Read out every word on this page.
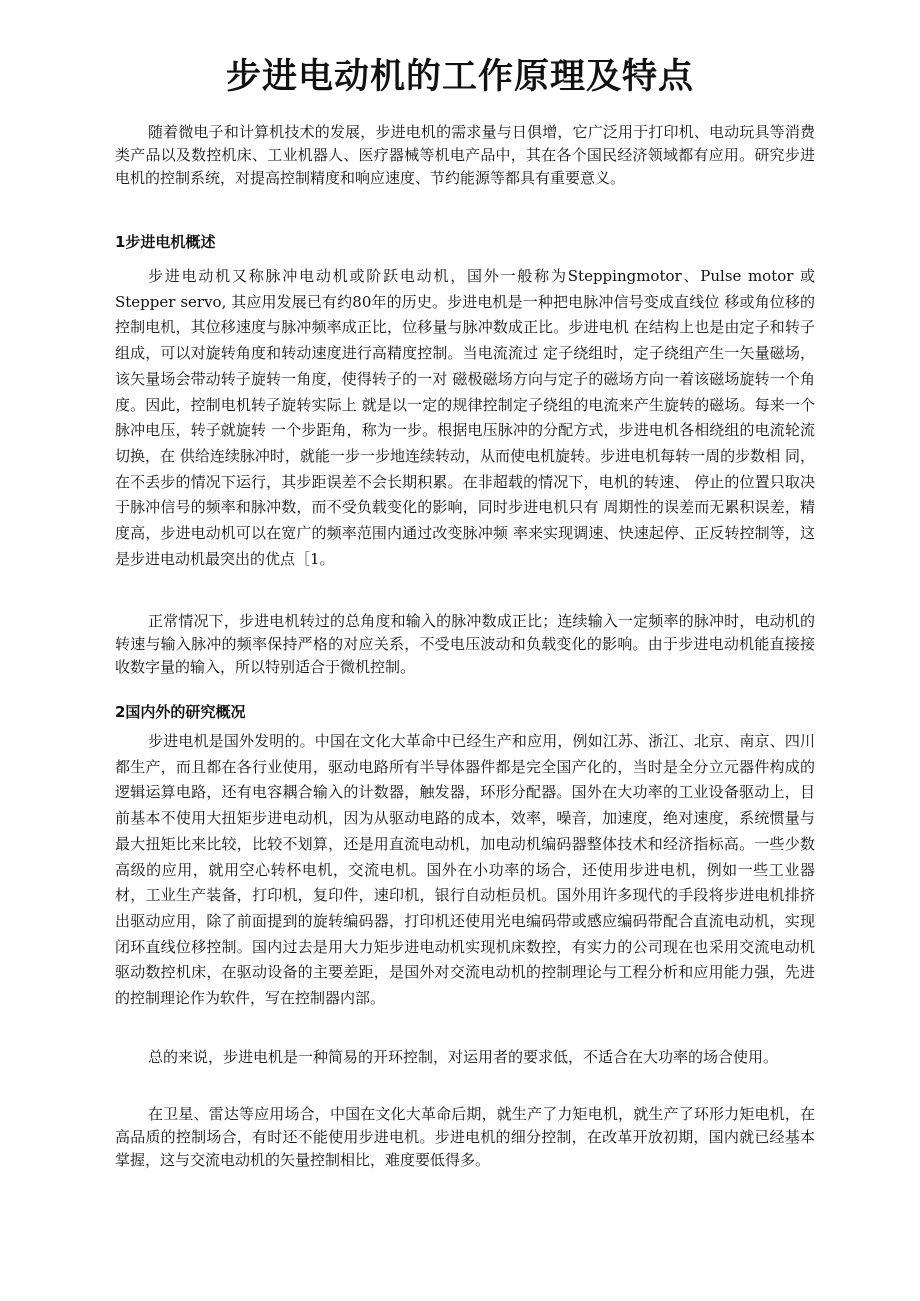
步进电动机的工作原理及特点

随着微电子和计算机技术的发展，步进电机的需求量与日俱增，它广泛用于打印机、电动玩具等消费类产品以及数控机床、工业机器人、医疗器械等机电产品中，其在各个国民经济领域都有应用。研究步进电机的控制系统，对提高控制精度和响应速度、节约能源等都具有重要意义。

1步进电机概述

步进电动机又称脉冲电动机或阶跃电动机，国外一般称为Steppingmotor、Pulse motor 或 Stepper servo, 其应用发展已有约80年的历史。步进电机是一种把电脉冲信号变成直线位 移或角位移的控制电机，其位移速度与脉冲频率成正比，位移量与脉冲数成正比。步进电机 在结构上也是由定子和转子组成，可以对旋转角度和转动速度进行高精度控制。当电流流过 定子绕组时，定子绕组产生一矢量磁场，该矢量场会带动转子旋转一角度，使得转子的一对 磁极磁场方向与定子的磁场方向一着该磁场旋转一个角度。因此，控制电机转子旋转实际上 就是以一定的规律控制定子绕组的电流来产生旋转的磁场。每来一个脉冲电压，转子就旋转 一个步距角，称为一步。根据电压脉冲的分配方式，步进电机各相绕组的电流轮流切换，在 供给连续脉冲时，就能一步一步地连续转动，从而使电机旋转。步进电机每转一周的步数相 同，在不丢步的情况下运行，其步距误差不会长期积累。在非超载的情况下，电机的转速、 停止的位置只取决于脉冲信号的频率和脉冲数，而不受负载变化的影响，同时步进电机只有 周期性的误差而无累积误差，精度高，步进电动机可以在宽广的频率范围内通过改变脉冲频 率来实现调速、快速起停、正反转控制等，这是步进电动机最突出的优点［1。

正常情况下，步进电机转过的总角度和输入的脉冲数成正比；连续输入一定频率的脉冲时，电动机的转速与输入脉冲的频率保持严格的对应关系，不受电压波动和负载变化的影响。由于步进电动机能直接接收数字量的输入，所以特别适合于微机控制。

2国内外的研究概况

步进电机是国外发明的。中国在文化大革命中已经生产和应用，例如江苏、浙江、北京、南京、四川都生产，而且都在各行业使用，驱动电路所有半导体器件都是完全国产化的，当时是全分立元器件构成的逻辑运算电路，还有电容耦合输入的计数器，触发器，环形分配器。国外在大功率的工业设备驱动上，目前基本不使用大扭矩步进电动机，因为从驱动电路的成本，效率，噪音，加速度，绝对速度，系统惯量与最大扭矩比来比较，比较不划算，还是用直流电动机，加电动机编码器整体技术和经济指标高。一些少数高级的应用，就用空心转杯电机，交流电机。国外在小功率的场合，还使用步进电机，例如一些工业器材，工业生产装备，打印机，复印件，速印机，银行自动柜员机。国外用许多现代的手段将步进电机排挤出驱动应用，除了前面提到的旋转编码器，打印机还使用光电编码带或感应编码带配合直流电动机，实现闭环直线位移控制。国内过去是用大力矩步进电动机实现机床数控，有实力的公司现在也采用交流电动机驱动数控机床，在驱动设备的主要差距，是国外对交流电动机的控制理论与工程分析和应用能力强，先进的控制理论作为软件，写在控制器内部。

总的来说，步进电机是一种简易的开环控制，对运用者的要求低，不适合在大功率的场合使用。

在卫星、雷达等应用场合，中国在文化大革命后期，就生产了力矩电机，就生产了环形力矩电机，在高品质的控制场合，有时还不能使用步进电机。步进电机的细分控制，在改革开放初期，国内就已经基本掌握，这与交流电动机的矢量控制相比，难度要低得多。
